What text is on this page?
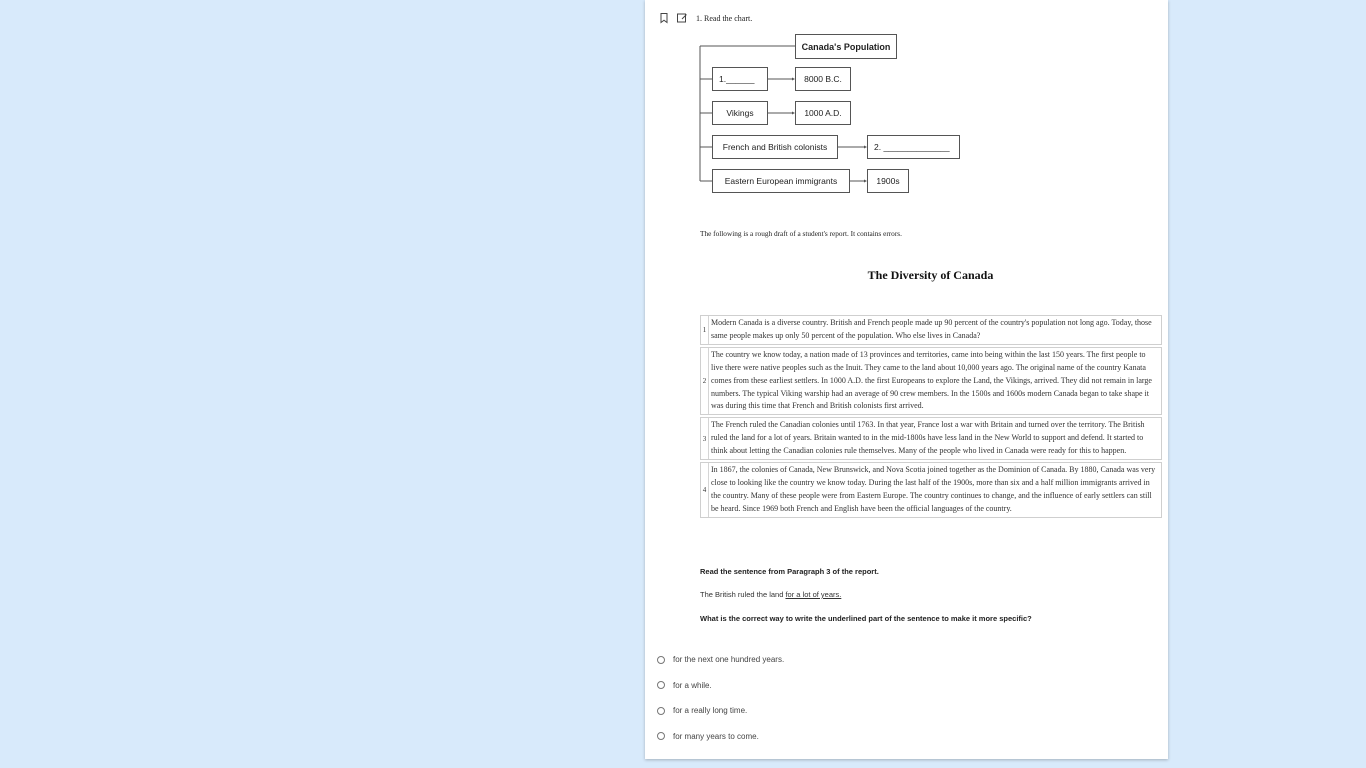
1. Read the chart.
Canada's Population
1.______	8000 B.C.
Vikings	1000 A.D.
French and British colonists	2. ______________
Eastern European immigrants	1900s
The following is a rough draft of a student's report. It contains errors.
The Diversity of Canada
1
Modern Canada is a diverse country. British and French people made up 90 percent of the country's population not long ago. Today, those same people makes up only 50 percent of the population. Who else lives in Canada?
2
The country we know today, a nation made of 13 provinces and territories, came into being within the last 150 years. The first people to live there were native peoples such as the Inuit. They came to the land about 10,000 years ago. The original name of the country Kanata comes from these earliest settlers. In 1000 A.D. the first Europeans to explore the Land, the Vikings, arrived. They did not remain in large numbers. The typical Viking warship had an average of 90 crew members. In the 1500s and 1600s modern Canada began to take shape it was during this time that French and British colonists first arrived.
3
The French ruled the Canadian colonies until 1763. In that year, France lost a war with Britain and turned over the territory. The British ruled the land for a lot of years. Britain wanted to in the mid-1800s have less land in the New World to support and defend. It started to think about letting the Canadian colonies rule themselves. Many of the people who lived in Canada were ready for this to happen.
4
In 1867, the colonies of Canada, New Brunswick, and Nova Scotia joined together as the Dominion of Canada. By 1880, Canada was very close to looking like the country we know today. During the last half of the 1900s, more than six and a half million immigrants arrived in the country. Many of these people were from Eastern Europe. The country continues to change, and the influence of early settlers can still be heard. Since 1969 both French and English have been the official languages of the country.
Read the sentence from Paragraph 3 of the report.
The British ruled the land for a lot of years.
What is the correct way to write the underlined part of the sentence to make it more specific?
for the next one hundred years.
for a while.
for a really long time.
for many years to come.
